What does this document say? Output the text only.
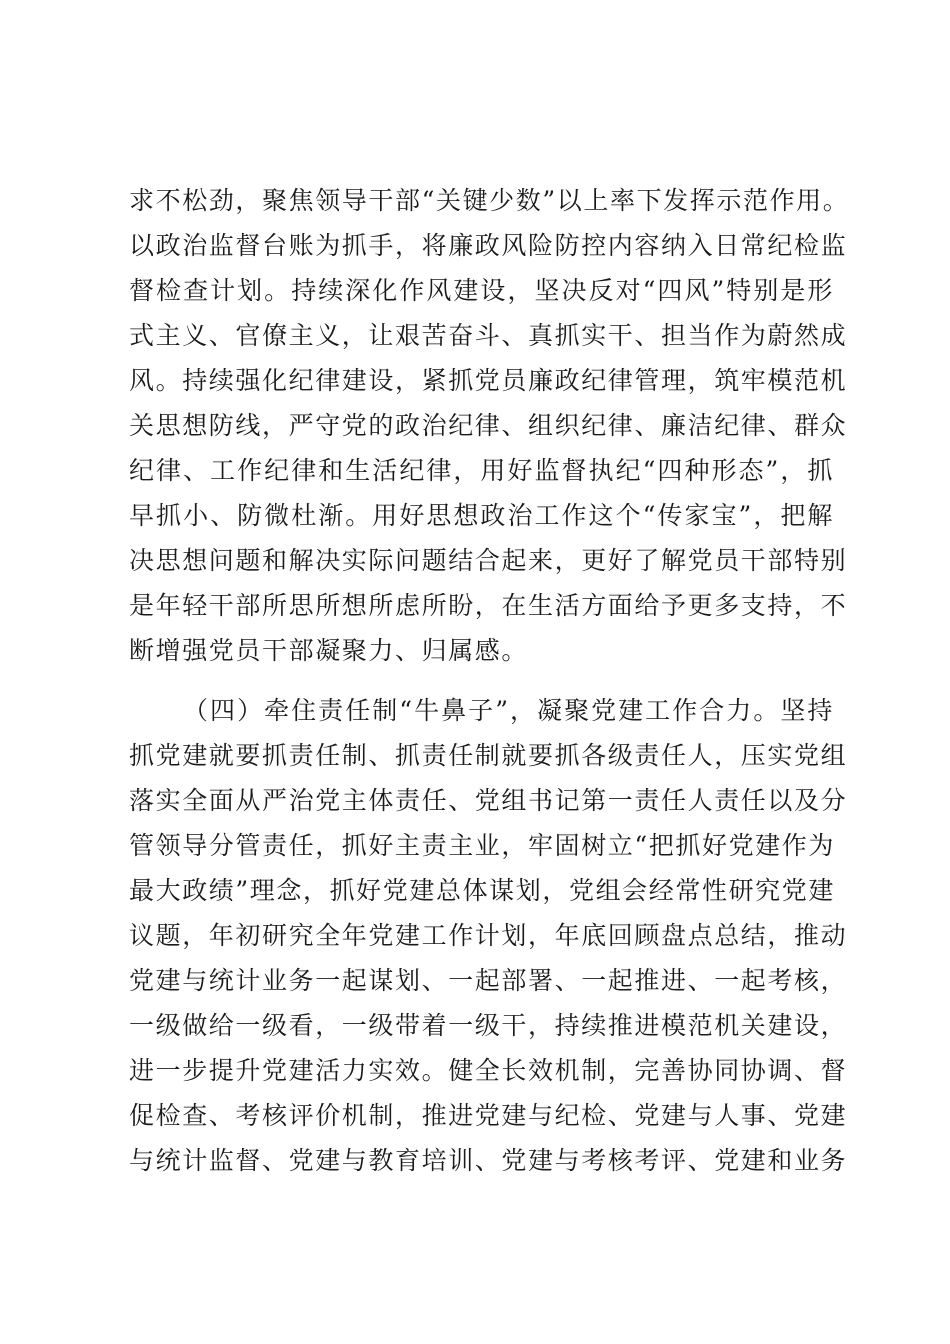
求不松劲，聚焦领导干部“关键少数”以上率下发挥示范作用。
以政治监督台账为抓手，将廉政风险防控内容纳入日常纪检监
督检查计划。持续深化作风建设，坚决反对“四风”特别是形
式主义、官僚主义，让艰苦奋斗、真抓实干、担当作为蔚然成
风。持续强化纪律建设，紧抓党员廉政纪律管理，筑牢模范机
关思想防线，严守党的政治纪律、组织纪律、廉洁纪律、群众
纪律、工作纪律和生活纪律，用好监督执纪“四种形态”，抓
早抓小、防微杜渐。用好思想政治工作这个“传家宝”，把解
决思想问题和解决实际问题结合起来，更好了解党员干部特别
是年轻干部所思所想所虑所盼，在生活方面给予更多支持，不
断增强党员干部凝聚力、归属感。
（四）牵住责任制“牛鼻子”，凝聚党建工作合力。坚持
抓党建就要抓责任制、抓责任制就要抓各级责任人，压实党组
落实全面从严治党主体责任、党组书记第一责任人责任以及分
管领导分管责任，抓好主责主业，牢固树立“把抓好党建作为
最大政绩”理念，抓好党建总体谋划，党组会经常性研究党建
议题，年初研究全年党建工作计划，年底回顾盘点总结，推动
党建与统计业务一起谋划、一起部署、一起推进、一起考核，
一级做给一级看，一级带着一级干，持续推进模范机关建设，
进一步提升党建活力实效。健全长效机制，完善协同协调、督
促检查、考核评价机制，推进党建与纪检、党建与人事、党建
与统计监督、党建与教育培训、党建与考核考评、党建和业务
